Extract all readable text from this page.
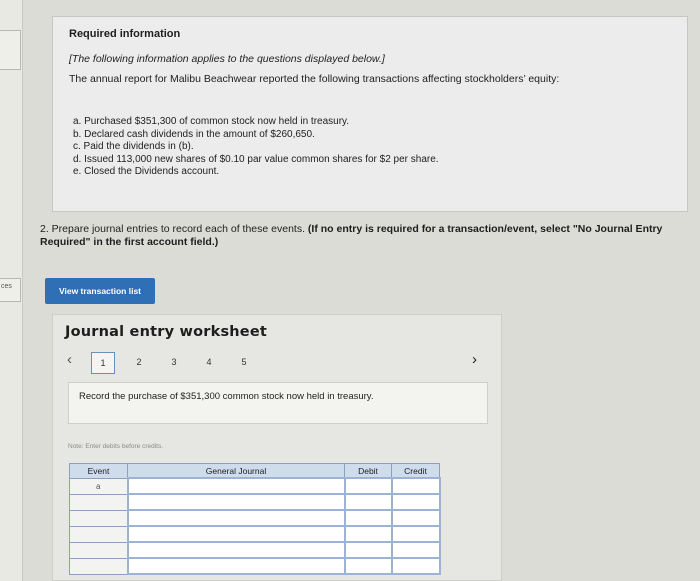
ces
Required information
[The following information applies to the questions displayed below.]
The annual report for Malibu Beachwear reported the following transactions affecting stockholders’ equity:
a. Purchased $351,300 of common stock now held in treasury.
b. Declared cash dividends in the amount of $260,650.
c. Paid the dividends in (b).
d. Issued 113,000 new shares of $0.10 par value common shares for $2 per share.
e. Closed the Dividends account.
2. Prepare journal entries to record each of these events. (If no entry is required for a transaction/event, select "No Journal Entry Required" in the first account field.)
View transaction list
Journal entry worksheet
‹	1	2	3	4	5	›
Record the purchase of $351,300 common stock now held in treasury.
Note: Enter debits before credits.
Event	General Journal	Debit	Credit
a			
